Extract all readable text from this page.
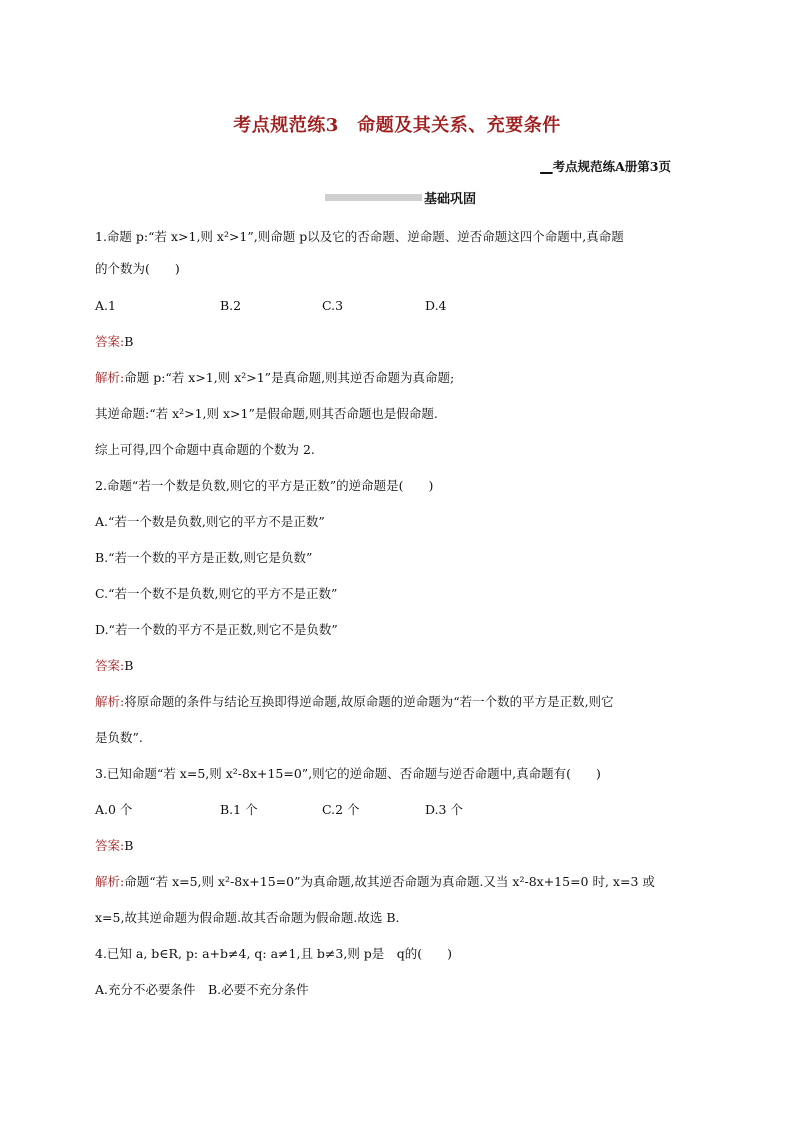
考点规范练3　命题及其关系、充要条件
__考点规范练A册第3页
基础巩固
1.命题 p:“若 x>1,则 x²>1”,则命题 p以及它的否命题、逆命题、逆否命题这四个命题中,真命题
的个数为(　　)
A.1	B.2	C.3	D.4
答案:B
解析:命题 p:“若 x>1,则 x²>1”是真命题,则其逆否命题为真命题;
其逆命题:“若 x²>1,则 x>1”是假命题,则其否命题也是假命题.
综上可得,四个命题中真命题的个数为 2.
2.命题“若一个数是负数,则它的平方是正数”的逆命题是(　　)
A.“若一个数是负数,则它的平方不是正数”
B.“若一个数的平方是正数,则它是负数”
C.“若一个数不是负数,则它的平方不是正数”
D.“若一个数的平方不是正数,则它不是负数”
答案:B
解析:将原命题的条件与结论互换即得逆命题,故原命题的逆命题为“若一个数的平方是正数,则它
是负数”.
3.已知命题“若 x=5,则 x²-8x+15=0”,则它的逆命题、否命题与逆否命题中,真命题有(　　)
A.0 个	B.1 个	C.2 个	D.3 个
答案:B
解析:命题“若 x=5,则 x²-8x+15=0”为真命题,故其逆否命题为真命题.又当 x²-8x+15=0 时, x=3 或
x=5,故其逆命题为假命题.故其否命题为假命题.故选 B.
4.已知 a, b∈R, p: a+b≠4, q: a≠1,且 b≠3,则 p是　q的(　　)
A.充分不必要条件　B.必要不充分条件
